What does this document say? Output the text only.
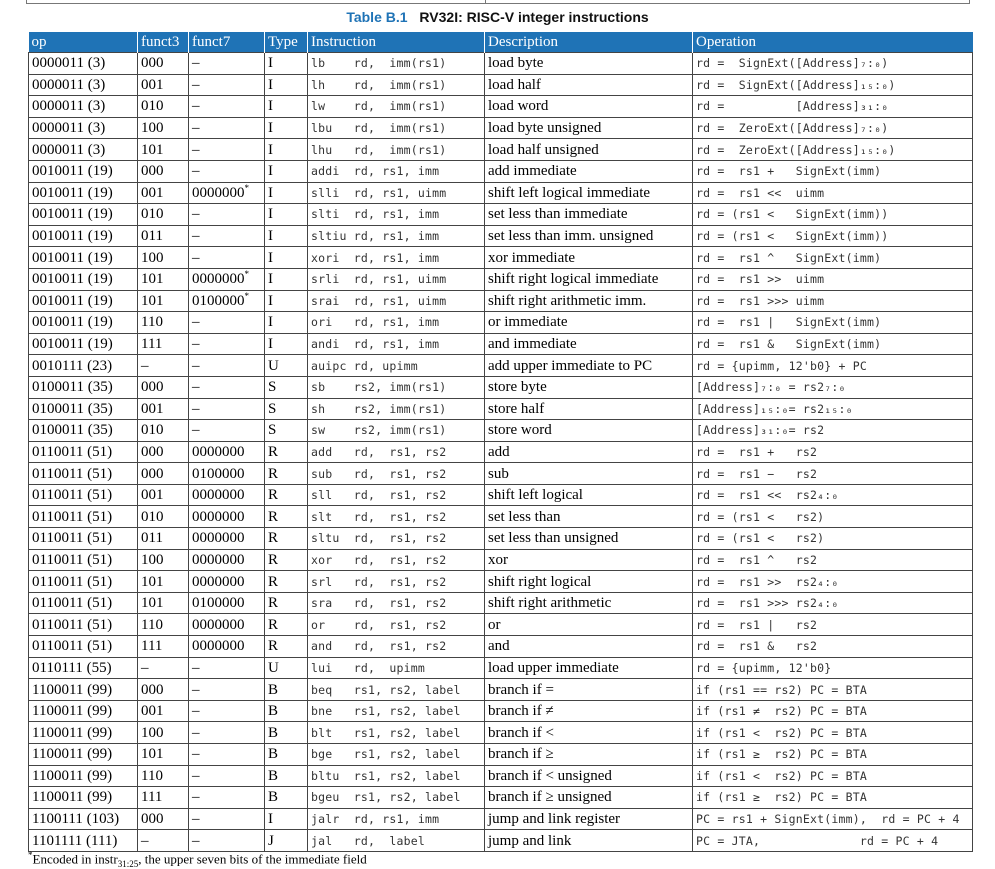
Table B.1 RV32I: RISC-V integer instructions
op	funct3	funct7	Type	Instruction	Description	Operation
0000011 (3)	000	–	I	lb    rd,  imm(rs1)	load byte	rd =  SignExt([Address]₇:₀)
0000011 (3)	001	–	I	lh    rd,  imm(rs1)	load half	rd =  SignExt([Address]₁₅:₀)
0000011 (3)	010	–	I	lw    rd,  imm(rs1)	load word	rd =          [Address]₃₁:₀
0000011 (3)	100	–	I	lbu   rd,  imm(rs1)	load byte unsigned	rd =  ZeroExt([Address]₇:₀)
0000011 (3)	101	–	I	lhu   rd,  imm(rs1)	load half unsigned	rd =  ZeroExt([Address]₁₅:₀)
0010011 (19)	000	–	I	addi  rd, rs1, imm	add immediate	rd =  rs1 +   SignExt(imm)
0010011 (19)	001	0000000*	I	slli  rd, rs1, uimm	shift left logical immediate	rd =  rs1 <<  uimm
0010011 (19)	010	–	I	slti  rd, rs1, imm	set less than immediate	rd = (rs1 <   SignExt(imm))
0010011 (19)	011	–	I	sltiu rd, rs1, imm	set less than imm. unsigned	rd = (rs1 <   SignExt(imm))
0010011 (19)	100	–	I	xori  rd, rs1, imm	xor immediate	rd =  rs1 ^   SignExt(imm)
0010011 (19)	101	0000000*	I	srli  rd, rs1, uimm	shift right logical immediate	rd =  rs1 >>  uimm
0010011 (19)	101	0100000*	I	srai  rd, rs1, uimm	shift right arithmetic imm.	rd =  rs1 >>> uimm
0010011 (19)	110	–	I	ori   rd, rs1, imm	or immediate	rd =  rs1 |   SignExt(imm)
0010011 (19)	111	–	I	andi  rd, rs1, imm	and immediate	rd =  rs1 &   SignExt(imm)
0010111 (23)	–	–	U	auipc rd, upimm	add upper immediate to PC	rd = {upimm, 12'b0} + PC
0100011 (35)	000	–	S	sb    rs2, imm(rs1)	store byte	[Address]₇:₀ = rs2₇:₀
0100011 (35)	001	–	S	sh    rs2, imm(rs1)	store half	[Address]₁₅:₀= rs2₁₅:₀
0100011 (35)	010	–	S	sw    rs2, imm(rs1)	store word	[Address]₃₁:₀= rs2
0110011 (51)	000	0000000	R	add   rd,  rs1, rs2	add	rd =  rs1 +   rs2
0110011 (51)	000	0100000	R	sub   rd,  rs1, rs2	sub	rd =  rs1 −   rs2
0110011 (51)	001	0000000	R	sll   rd,  rs1, rs2	shift left logical	rd =  rs1 <<  rs2₄:₀
0110011 (51)	010	0000000	R	slt   rd,  rs1, rs2	set less than	rd = (rs1 <   rs2)
0110011 (51)	011	0000000	R	sltu  rd,  rs1, rs2	set less than unsigned	rd = (rs1 <   rs2)
0110011 (51)	100	0000000	R	xor   rd,  rs1, rs2	xor	rd =  rs1 ^   rs2
0110011 (51)	101	0000000	R	srl   rd,  rs1, rs2	shift right logical	rd =  rs1 >>  rs2₄:₀
0110011 (51)	101	0100000	R	sra   rd,  rs1, rs2	shift right arithmetic	rd =  rs1 >>> rs2₄:₀
0110011 (51)	110	0000000	R	or    rd,  rs1, rs2	or	rd =  rs1 |   rs2
0110011 (51)	111	0000000	R	and   rd,  rs1, rs2	and	rd =  rs1 &   rs2
0110111 (55)	–	–	U	lui   rd,  upimm	load upper immediate	rd = {upimm, 12'b0}
1100011 (99)	000	–	B	beq   rs1, rs2, label	branch if =	if (rs1 == rs2) PC = BTA
1100011 (99)	001	–	B	bne   rs1, rs2, label	branch if ≠	if (rs1 ≠  rs2) PC = BTA
1100011 (99)	100	–	B	blt   rs1, rs2, label	branch if <	if (rs1 <  rs2) PC = BTA
1100011 (99)	101	–	B	bge   rs1, rs2, label	branch if ≥	if (rs1 ≥  rs2) PC = BTA
1100011 (99)	110	–	B	bltu  rs1, rs2, label	branch if < unsigned	if (rs1 <  rs2) PC = BTA
1100011 (99)	111	–	B	bgeu  rs1, rs2, label	branch if ≥ unsigned	if (rs1 ≥  rs2) PC = BTA
1100111 (103)	000	–	I	jalr  rd, rs1, imm	jump and link register	PC = rs1 + SignExt(imm),  rd = PC + 4
1101111 (111)	–	–	J	jal   rd,  label	jump and link	PC = JTA,              rd = PC + 4
*Encoded in instr$_{31:25}$, the upper seven bits of the immediate field
